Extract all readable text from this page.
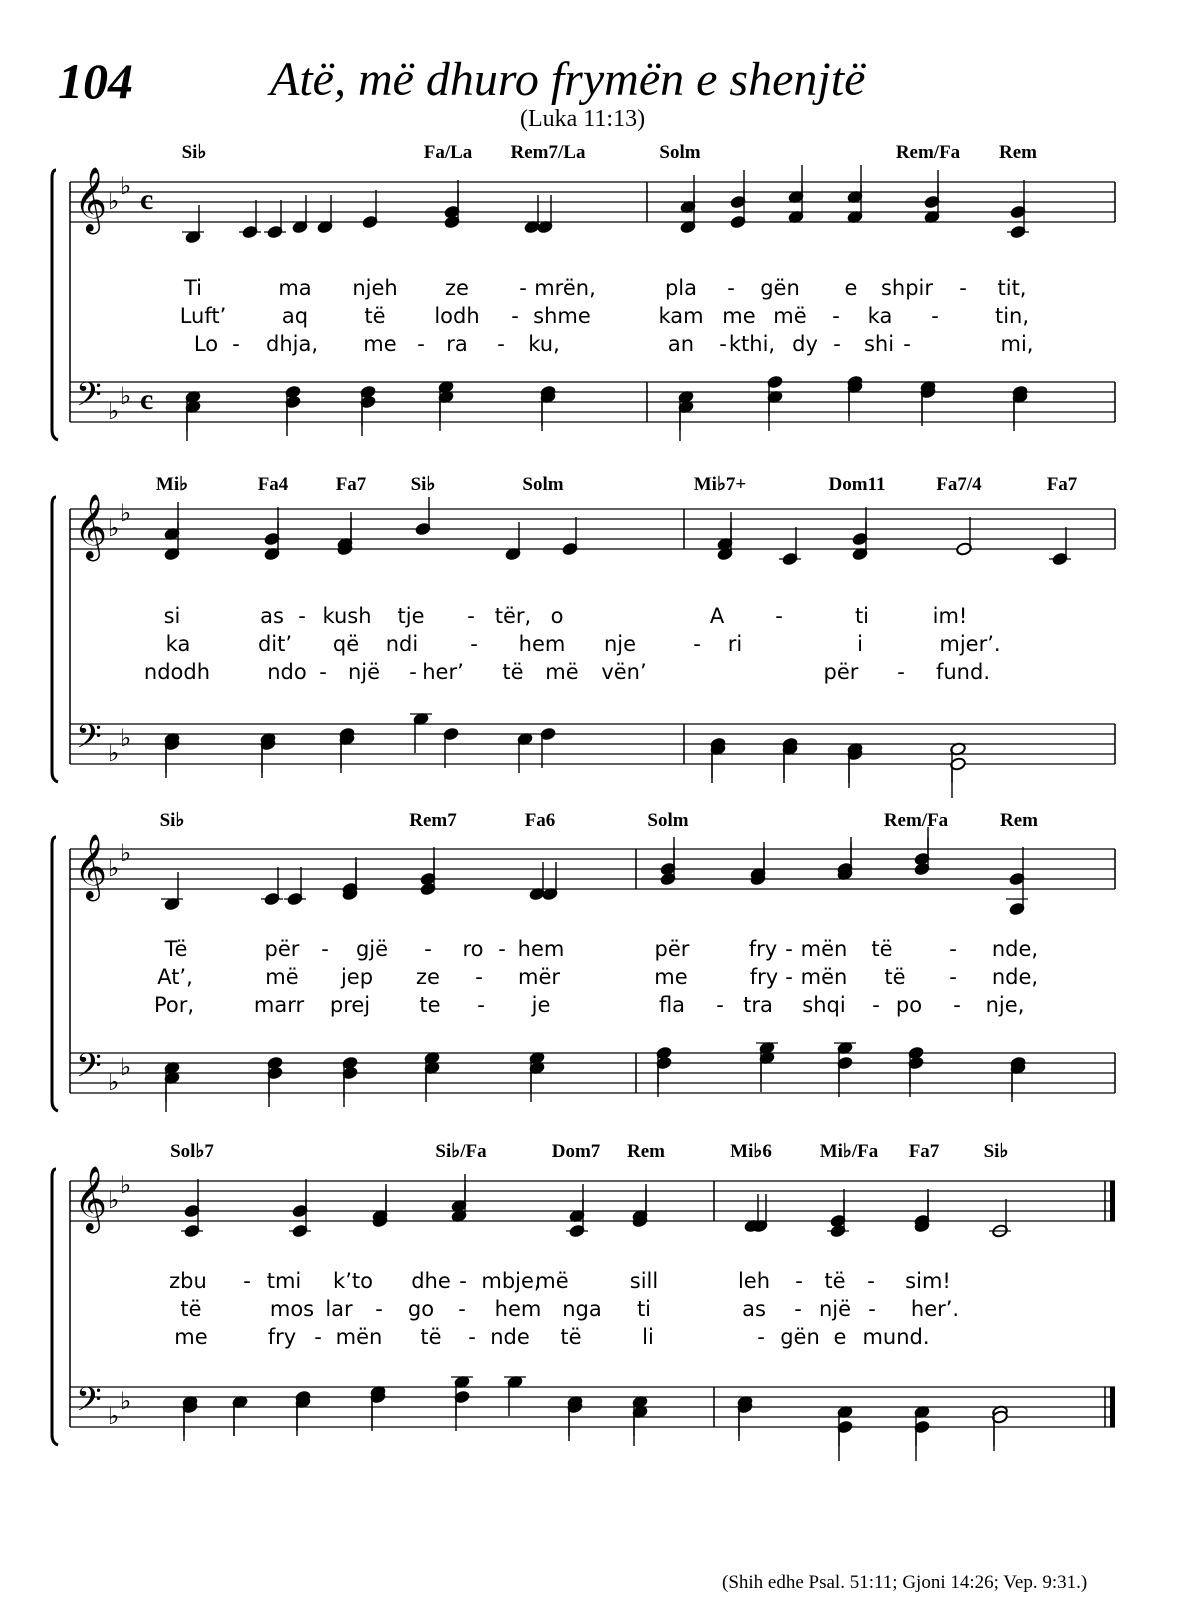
104	Atë, më dhuro frymën e shenjtë
(Luka 11:13)
(Shih edhe Psal. 51:11; Gjoni 14:26; Vep. 9:31.)
𝄞 ♭
♭ c
𝄢 ♭
♭ c
Si♭	Fa/La Rem7/La	Solm	Rem/Fa Rem
Ti	ma njeh ze - mrën,	pla - gën e shpir - tit,
Luft’	aq	të lodh - shme	kam me më - ka -	tin,
Lo - dhja, me - ra - ku,	an - kthi, dy - shi -	mi,
𝄞 ♭
♭
𝄢 ♭
♭
Mi♭	Fa4 Fa7 Si♭	Solm	Mi♭7+	Dom11	Fa7/4	Fa7
si	as - kush tje - tër, o	A -	ti	im!
ka	dit’ që ndi - hem nje	- ri	i	mjer’.
ndodh	ndo - një - her’ të më vën’	për - fund.
𝄞 ♭
♭
𝄢 ♭
♭
Si♭	Rem7	Fa6	Solm	Rem/Fa	Rem
Të	për - gjë - ro - hem	për	fry - mën të	- nde,
At’,	më jep ze - mër	me	fry - mën të - nde,
Por,	marr prej te - je	fla - tra shqi - po - nje,
𝄞 ♭
♭
𝄢 ♭
♭
Sol♭7	Si♭/Fa	Dom7 Rem	Mi♭6	Mi♭/Fa Fa7 Si♭
zbu - tmi k’to dhe - mbje,
më	sill	leh - të - sim!
të	mos lar - go - hem nga ti	as - një - her’.
me	fry - mën të - nde të	li	- gën e mund.
